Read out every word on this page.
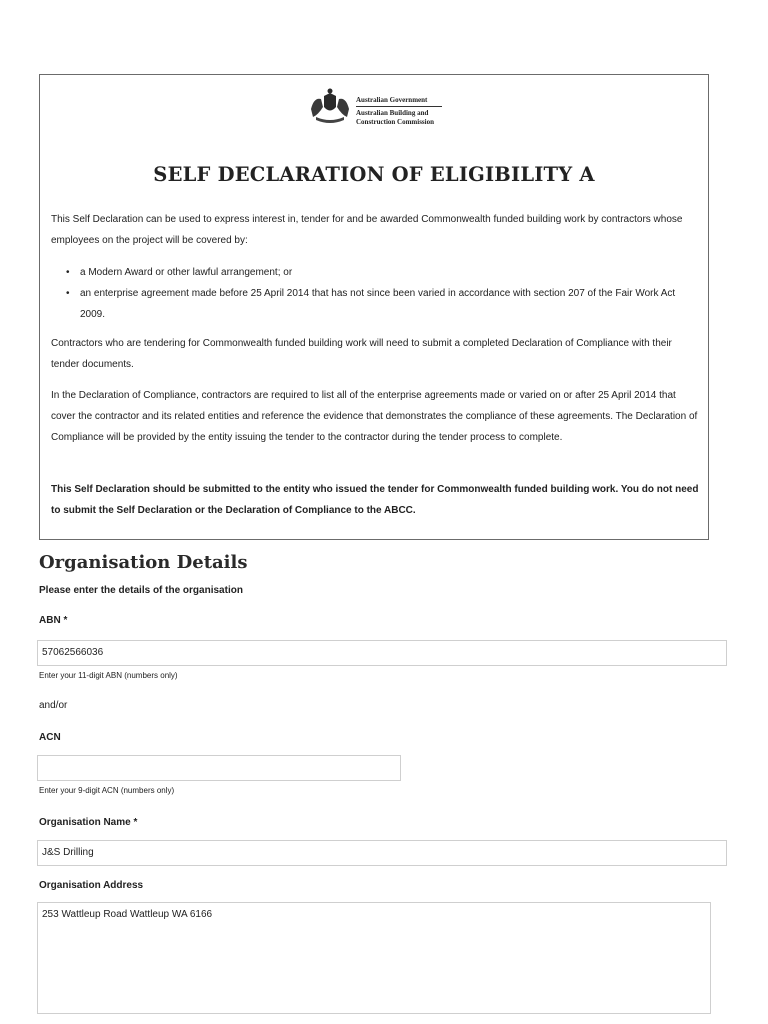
Australian Government
Australian Building and Construction Commission
SELF DECLARATION OF ELIGIBILITY A
This Self Declaration can be used to express interest in, tender for and be awarded Commonwealth funded building work by contractors whose employees on the project will be covered by:
• a Modern Award or other lawful arrangement; or
• an enterprise agreement made before 25 April 2014 that has not since been varied in accordance with section 207 of the Fair Work Act 2009.
Contractors who are tendering for Commonwealth funded building work will need to submit a completed Declaration of Compliance with their tender documents.
In the Declaration of Compliance, contractors are required to list all of the enterprise agreements made or varied on or after 25 April 2014 that cover the contractor and its related entities and reference the evidence that demonstrates the compliance of these agreements. The Declaration of Compliance will be provided by the entity issuing the tender to the contractor during the tender process to complete.
This Self Declaration should be submitted to the entity who issued the tender for Commonwealth funded building work. You do not need to submit the Self Declaration or the Declaration of Compliance to the ABCC.
Organisation Details
Please enter the details of the organisation
ABN *
57062566036
Enter your 11-digit ABN (numbers only)
and/or
ACN
Enter your 9-digit ACN (numbers only)
Organisation Name *
J&S Drilling
Organisation Address
253 Wattleup Road Wattleup WA 6166
